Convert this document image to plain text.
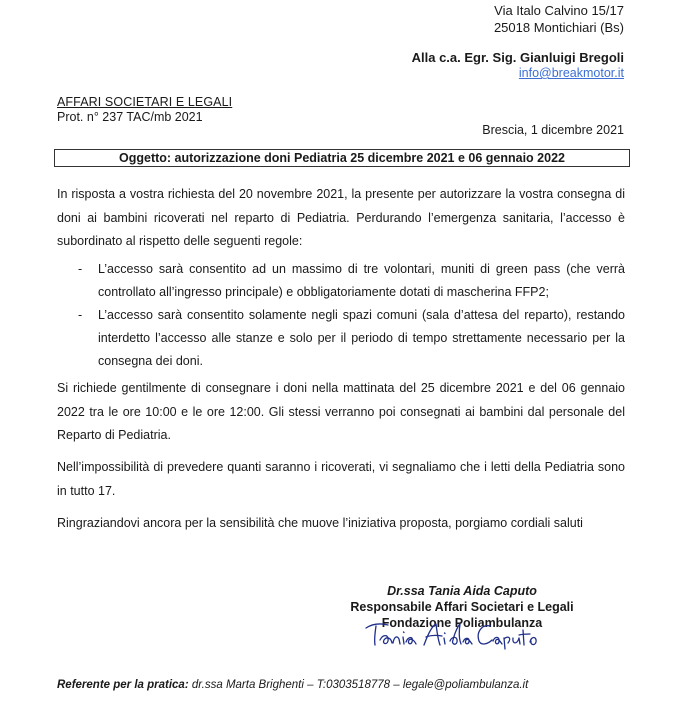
Via Italo Calvino 15/17
25018 Montichiari (Bs)
Alla c.a. Egr. Sig. Gianluigi Bregoli
info@breakmotor.it
AFFARI SOCIETARI E LEGALI
Prot. n° 237 TAC/mb 2021
Brescia, 1 dicembre 2021
Oggetto: autorizzazione doni Pediatria 25 dicembre 2021 e 06 gennaio 2022
In risposta a vostra richiesta del 20 novembre 2021, la presente per autorizzare la vostra consegna di doni ai bambini ricoverati nel reparto di Pediatria. Perdurando l’emergenza sanitaria, l’accesso è subordinato al rispetto delle seguenti regole:
- L’accesso sarà consentito ad un massimo di tre volontari, muniti di green pass (che verrà controllato all’ingresso principale) e obbligatoriamente dotati di mascherina FFP2;
- L’accesso sarà consentito solamente negli spazi comuni (sala d’attesa del reparto), restando interdetto l’accesso alle stanze e solo per il periodo di tempo strettamente necessario per la consegna dei doni.
Si richiede gentilmente di consegnare i doni nella mattinata del 25 dicembre 2021 e del 06 gennaio 2022 tra le ore 10:00 e le ore 12:00. Gli stessi verranno poi consegnati ai bambini dal personale del Reparto di Pediatria.
Nell’impossibilità di prevedere quanti saranno i ricoverati, vi segnaliamo che i letti della Pediatria sono in tutto 17.
Ringraziandovi ancora per la sensibilità che muove l’iniziativa proposta, porgiamo cordiali saluti
Dr.ssa Tania Aida Caputo
Responsabile Affari Societari e Legali
Fondazione Poliambulanza
Referente per la pratica: dr.ssa Marta Brighenti – T:0303518778 – legale@poliambulanza.it
